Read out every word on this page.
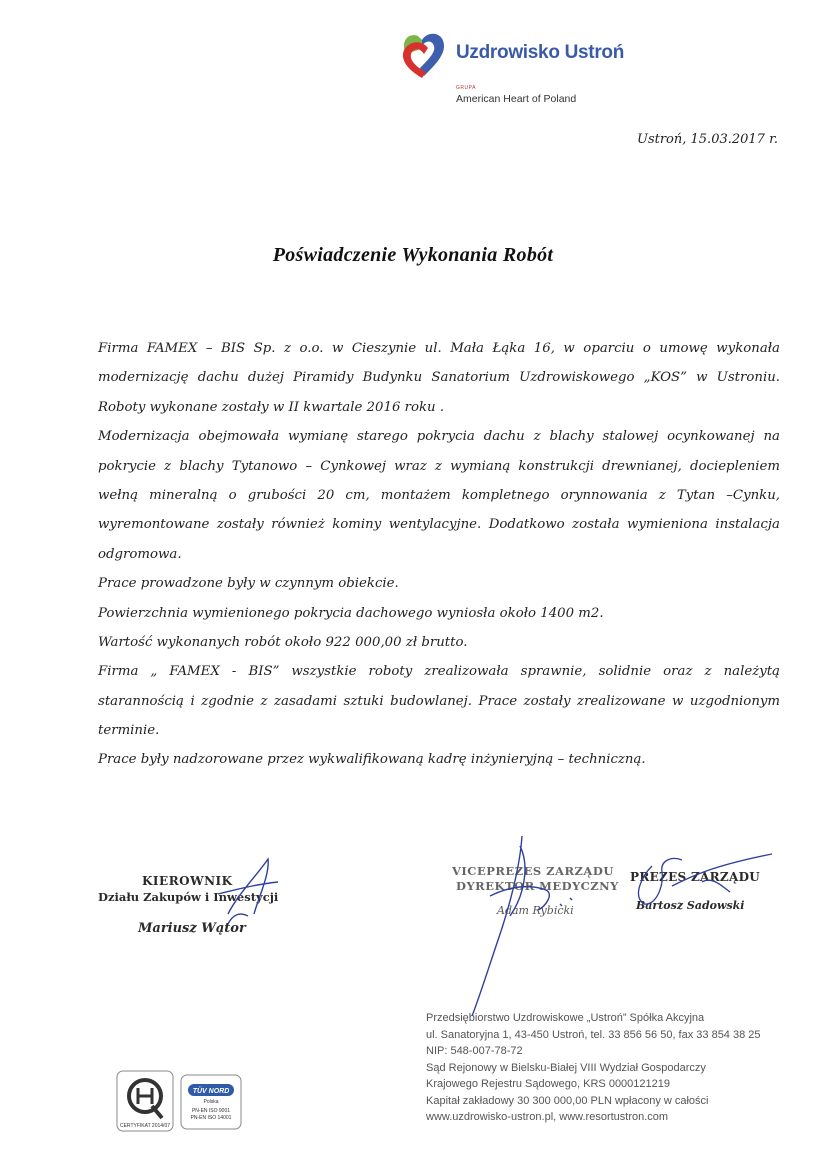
Uzdrowisko Ustroń
GRUPA
American Heart of Poland
Ustroń, 15.03.2017 r.
Poświadczenie Wykonania Robót
Firma FAMEX – BIS Sp. z o.o. w Cieszynie ul. Mała Łąka 16, w oparciu o umowę wykonała
modernizację dachu dużej Piramidy Budynku Sanatorium Uzdrowiskowego „KOS” w Ustroniu.
Roboty wykonane zostały w II kwartale 2016 roku .
Modernizacja obejmowała wymianę starego pokrycia dachu z blachy stalowej ocynkowanej na
pokrycie z blachy Tytanowo – Cynkowej wraz z wymianą konstrukcji drewnianej, dociepleniem
wełną mineralną o grubości 20 cm, montażem kompletnego orynnowania z Tytan –Cynku,
wyremontowane zostały również kominy wentylacyjne. Dodatkowo została wymieniona instalacja
odgromowa.
Prace prowadzone były w czynnym obiekcie.
Powierzchnia wymienionego pokrycia dachowego wyniosła około 1400 m2.
Wartość wykonanych robót około 922 000,00 zł brutto.
Firma „ FAMEX - BIS” wszystkie roboty zrealizowała sprawnie, solidnie oraz z należytą
starannością i zgodnie z zasadami sztuki budowlanej. Prace zostały zrealizowane w uzgodnionym
terminie.
Prace były nadzorowane przez wykwalifikowaną kadrę inżynieryjną – techniczną.
KIEROWNIK
Działu Zakupów i Inwestycji
Mariusz Wątor
VICEPREZES ZARZĄDU
DYREKTOR MEDYCZNY
Adam Rybicki
PREZES ZARZĄDU
Bartosz Sadowski
Przedsiębiorstwo Uzdrowiskowe „Ustroń” Spółka Akcyjna
ul. Sanatoryjna 1, 43-450 Ustroń, tel. 33 856 56 50, fax 33 854 38 25
NIP: 548-007-78-72
Sąd Rejonowy w Bielsku-Białej VIII Wydział Gospodarczy
Krajowego Rejestru Sądowego, KRS 0000121219
Kapitał zakładowy 30 300 000,00 PLN wpłacony w całości
www.uzdrowisko-ustron.pl, www.resortustron.com
CERTYFIKAT 2014/07
TÜV NORD
Polska
PN-EN ISO 9001
PN-EN ISO 14001
